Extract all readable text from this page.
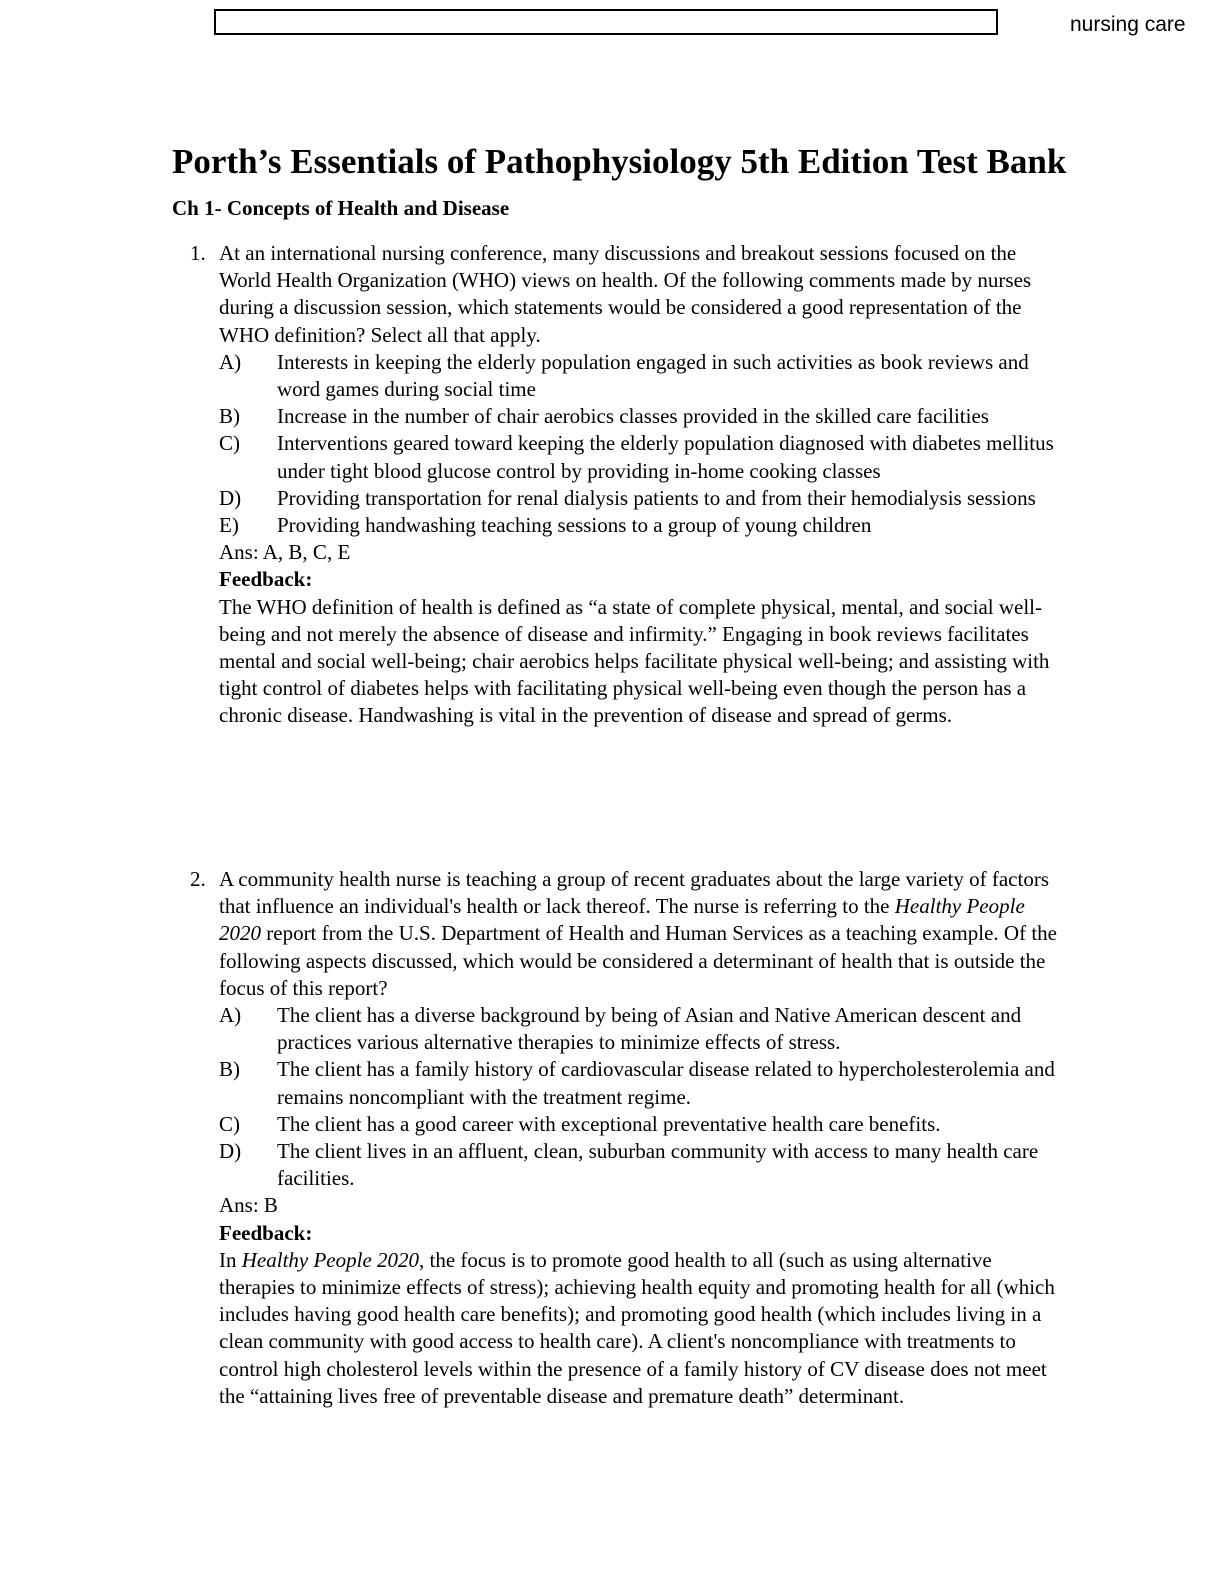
nursing care
Porth’s Essentials of Pathophysiology 5th Edition Test Bank
Ch 1- Concepts of Health and Disease
1. At an international nursing conference, many discussions and breakout sessions focused on the World Health Organization (WHO) views on health. Of the following comments made by nurses during a discussion session, which statements would be considered a good representation of the WHO definition? Select all that apply.
A) Interests in keeping the elderly population engaged in such activities as book reviews and word games during social time
B) Increase in the number of chair aerobics classes provided in the skilled care facilities
C) Interventions geared toward keeping the elderly population diagnosed with diabetes mellitus under tight blood glucose control by providing in-home cooking classes
D) Providing transportation for renal dialysis patients to and from their hemodialysis sessions
E) Providing handwashing teaching sessions to a group of young children
Ans: A, B, C, E
Feedback:
The WHO definition of health is defined as “a state of complete physical, mental, and social well-being and not merely the absence of disease and infirmity.” Engaging in book reviews facilitates mental and social well-being; chair aerobics helps facilitate physical well-being; and assisting with tight control of diabetes helps with facilitating physical well-being even though the person has a chronic disease. Handwashing is vital in the prevention of disease and spread of germs.
2. A community health nurse is teaching a group of recent graduates about the large variety of factors that influence an individual's health or lack thereof. The nurse is referring to the Healthy People 2020 report from the U.S. Department of Health and Human Services as a teaching example. Of the following aspects discussed, which would be considered a determinant of health that is outside the focus of this report?
A) The client has a diverse background by being of Asian and Native American descent and practices various alternative therapies to minimize effects of stress.
B) The client has a family history of cardiovascular disease related to hypercholesterolemia and remains noncompliant with the treatment regime.
C) The client has a good career with exceptional preventative health care benefits.
D) The client lives in an affluent, clean, suburban community with access to many health care facilities.
Ans: B
Feedback:
In Healthy People 2020, the focus is to promote good health to all (such as using alternative therapies to minimize effects of stress); achieving health equity and promoting health for all (which includes having good health care benefits); and promoting good health (which includes living in a clean community with good access to health care). A client's noncompliance with treatments to control high cholesterol levels within the presence of a family history of CV disease does not meet the “attaining lives free of preventable disease and premature death” determinant.
